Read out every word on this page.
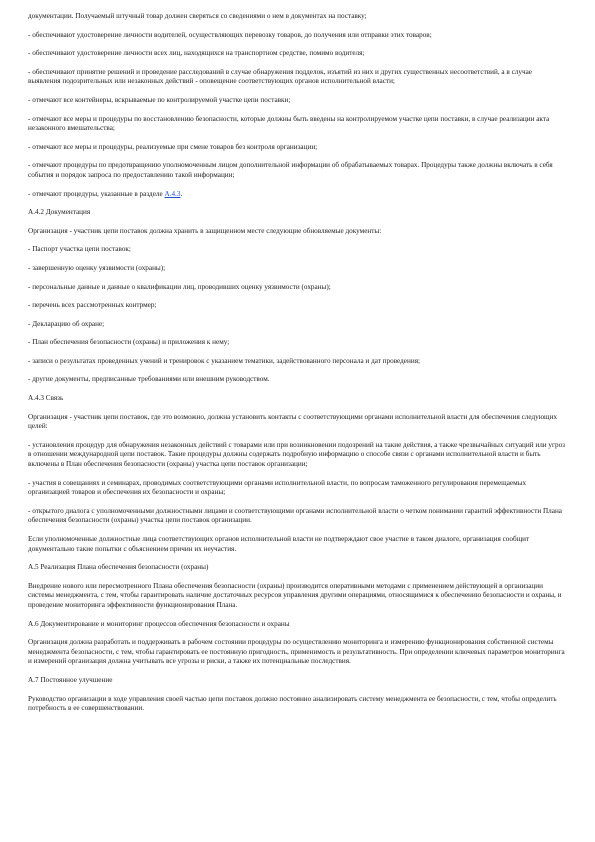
документации. Получаемый штучный товар должен сверяться со сведениями о нем в документах на поставку;

- обеспечивают удостоверение личности водителей, осуществляющих перевозку товаров, до получения или отправки этих товаров;

- обеспечивают удостоверение личности всех лиц, находящихся на транспортном средстве, помимо водителя;

- обеспечивают принятие решений и проведение расследований в случае обнаружения подделок, изъятий из них и других существенных несоответствий, а в случае выявления подозрительных или незаконных действий - оповещение соответствующих органов исполнительной власти;

- отмечают все контейнеры, вскрываемые по контролируемой участке цепи поставки;

- отмечают все меры и процедуры по восстановлению безопасности, которые должны быть введены на контролируемом участке цепи поставки, в случае реализации акта незаконного вмешательства;

- отмечают все меры и процедуры, реализуемые при смене товаров без контроля организации;

- отмечают процедуры по предотвращению уполномоченным лицом дополнительной информации об обрабатываемых товарах. Процедуры также должны включать в себя события и порядок запроса по предоставлению такой информации;

- отмечают процедуры, указанные в разделе А.4.3.

А.4.2 Документация

Организация - участник цепи поставок должна хранить в защищенном месте следующие обновляемые документы:

- Паспорт участка цепи поставок;

- завершенную оценку уязвимости (охраны);

- персональные данные и данные о квалификации лиц, проводивших оценку уязвимости (охраны);

- перечень всех рассмотренных контрмер;

- Декларацию об охране;

- План обеспечения безопасности (охраны) и приложения к нему;

- записи о результатах проведенных учений и тренировок с указанием тематики, задействованного персонала и дат проведения;

- другие документы, предписанные требованиями или внешним руководством.

А.4.3 Связь

Организация - участник цепи поставок, где это возможно, должна установить контакты с соответствующими органами исполнительной власти для обеспечения следующих целей:

- установления процедур для обнаружения незаконных действий с товарами или при возникновении подозрений на такие действия, а также чрезвычайных ситуаций или угроз в отношении международной цепи поставок. Такие процедуры должны содержать подробную информацию о способе связи с органами исполнительной власти и быть включены в План обеспечения безопасности (охраны) участка цепи поставок организации;

- участия в совещаниях и семинарах, проводимых соответствующими органами исполнительной власти, по вопросам таможенного регулирования перемещаемых организацией товаров и обеспечения их безопасности и охраны;

- открытого диалога с уполномоченными должностными лицами и соответствующими органами исполнительной власти о четком понимании гарантий эффективности Плана обеспечения безопасности (охраны) участка цепи поставок организации.

Если уполномоченные должностные лица соответствующих органов исполнительной власти не подтверждают свое участие в таком диалоге, организация сообщит документально такие попытки с объяснением причин их неучастия.

А.5 Реализация Плана обеспечения безопасности (охраны)

Внедрение нового или пересмотренного Плана обеспечения безопасности (охраны) производится оперативными методами с применением действующей в организации системы менеджмента, с тем, чтобы гарантировать наличие достаточных ресурсов управления другими операциями, относящимися к обеспечению безопасности и охраны, и проведение мониторинга эффективности функционирования Плана.

А.6 Документирование и мониторинг процессов обеспечения безопасности и охраны

Организация должна разработать и поддерживать в рабочем состоянии процедуры по осуществлению мониторинга и измерению функционирования собственной системы менеджмента безопасности, с тем, чтобы гарантировать ее постоянную пригодность, применимость и результативность. При определении ключевых параметров мониторинга и измерений организация должна учитывать все угрозы и риски, а также их потенциальные последствия.

А.7 Постоянное улучшение

Руководство организации в ходе управления своей частью цепи поставок должно постоянно анализировать систему менеджмента ее безопасности, с тем, чтобы определить потребность в ее совершенствовании.
